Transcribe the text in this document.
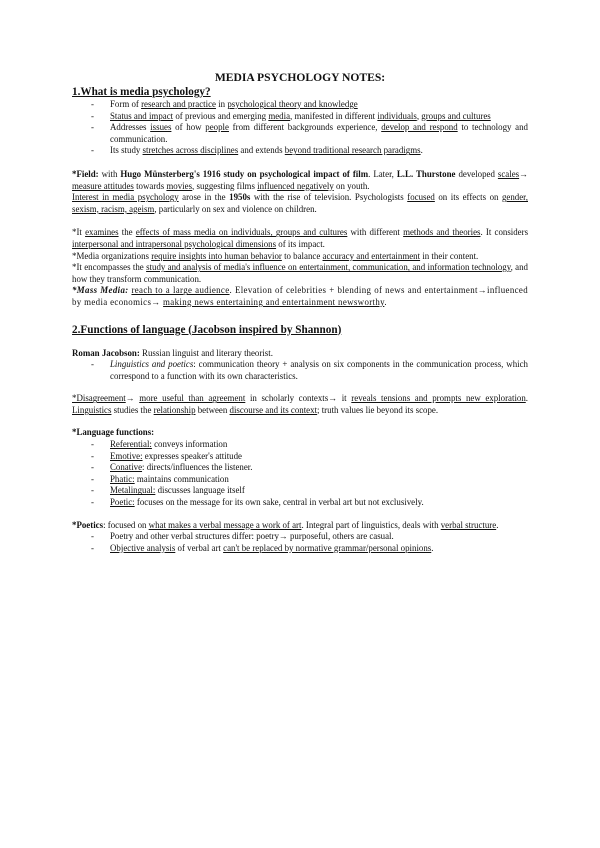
MEDIA PSYCHOLOGY NOTES:

1.What is media psychology?

- Form of research and practice in psychological theory and knowledge
- Status and impact of previous and emerging media, manifested in different individuals, groups and cultures
- Addresses issues of how people from different backgrounds experience, develop and respond to technology and communication.
- Its study stretches across disciplines and extends beyond traditional research paradigms.

*Field: with Hugo Münsterberg's 1916 study on psychological impact of film. Later, L.L. Thurstone developed scales→ measure attitudes towards movies, suggesting films influenced negatively on youth.

Interest in media psychology arose in the 1950s with the rise of television. Psychologists focused on its effects on gender, sexism, racism, ageism, particularly on sex and violence on children.

*It examines the effects of mass media on individuals, groups and cultures with different methods and theories. It considers interpersonal and intrapersonal psychological dimensions of its impact.

*Media organizations require insights into human behavior to balance accuracy and entertainment in their content.

*It encompasses the study and analysis of media's influence on entertainment, communication, and information technology, and how they transform communication.

*Mass Media: reach to a large audience. Elevation of celebrities + blending of news and entertainment→influenced by media economics→ making news entertaining and entertainment newsworthy.

2.Functions of language (Jacobson inspired by Shannon)

Roman Jacobson: Russian linguist and literary theorist.

- Linguistics and poetics: communication theory + analysis on six components in the communication process, which correspond to a function with its own characteristics.

*Disagreement→ more useful than agreement in scholarly contexts→ it reveals tensions and prompts new exploration. Linguistics studies the relationship between discourse and its context; truth values lie beyond its scope.

*Language functions:

- Referential: conveys information
- Emotive: expresses speaker's attitude
- Conative: directs/influences the listener.
- Phatic: maintains communication
- Metalingual: discusses language itself
- Poetic: focuses on the message for its own sake, central in verbal art but not exclusively.

*Poetics: focused on what makes a verbal message a work of art. Integral part of linguistics, deals with verbal structure.

- Poetry and other verbal structures differ: poetry→ purposeful, others are casual.
- Objective analysis of verbal art can't be replaced by normative grammar/personal opinions.
